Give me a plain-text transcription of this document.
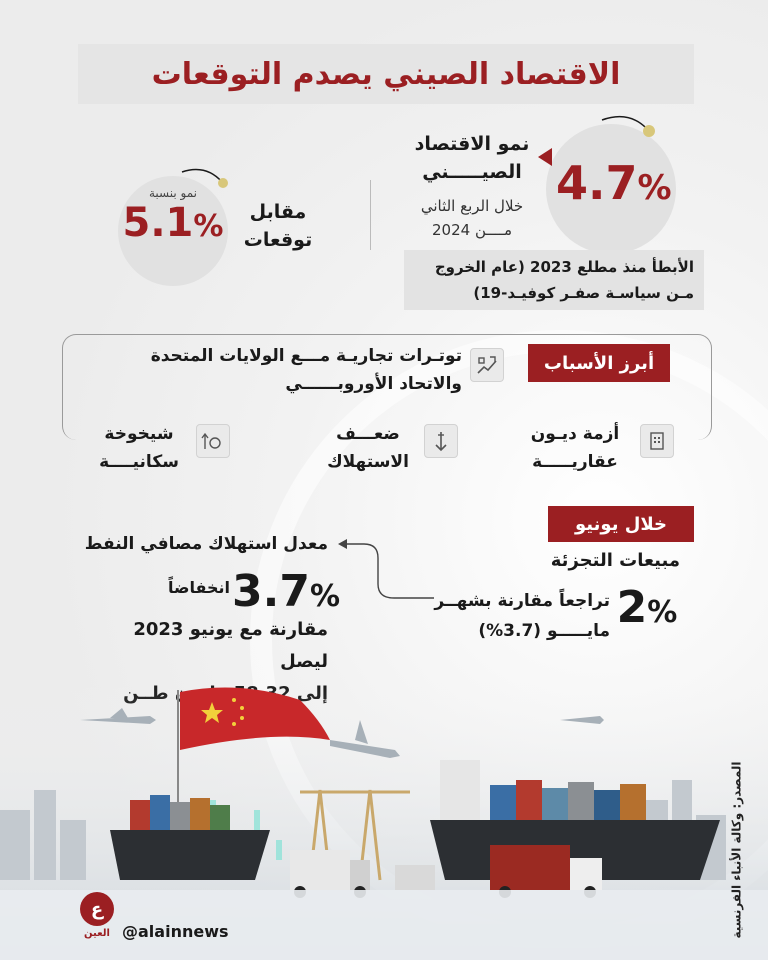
الاقتصاد الصيني يصدم التوقعات
4.7%
نمو الاقتصاد
الصيـــــني
خلال الربع الثاني
مــــن 2024
الأبطأ منذ مطلع 2023 (عام الخروج
مـن سياسـة صفـر كوفيـد-19)
نمو بنسبة
5.1%	مقابل
توقعات
أبرز الأسباب
توتـرات تجاريـة مـــع الولايات المتحدة
والاتحاد الأوروبــــــي
أزمة ديـون
عقاريـــــة
ضعـــف
الاستهلاك
شيخوخة
سكانيــــة
خلال يونيو
مبيعات التجزئة
2%
تراجعاً مقارنة بشهــر
مايـــــو (3.7%)
معدل استهلاك مصافي النفط
3.7%
انخفاضاً
مقارنة مع يونيو 2023 ليصل
المصدر: وكالة الأنباء الفرنسية
ع
العين @alainnews
